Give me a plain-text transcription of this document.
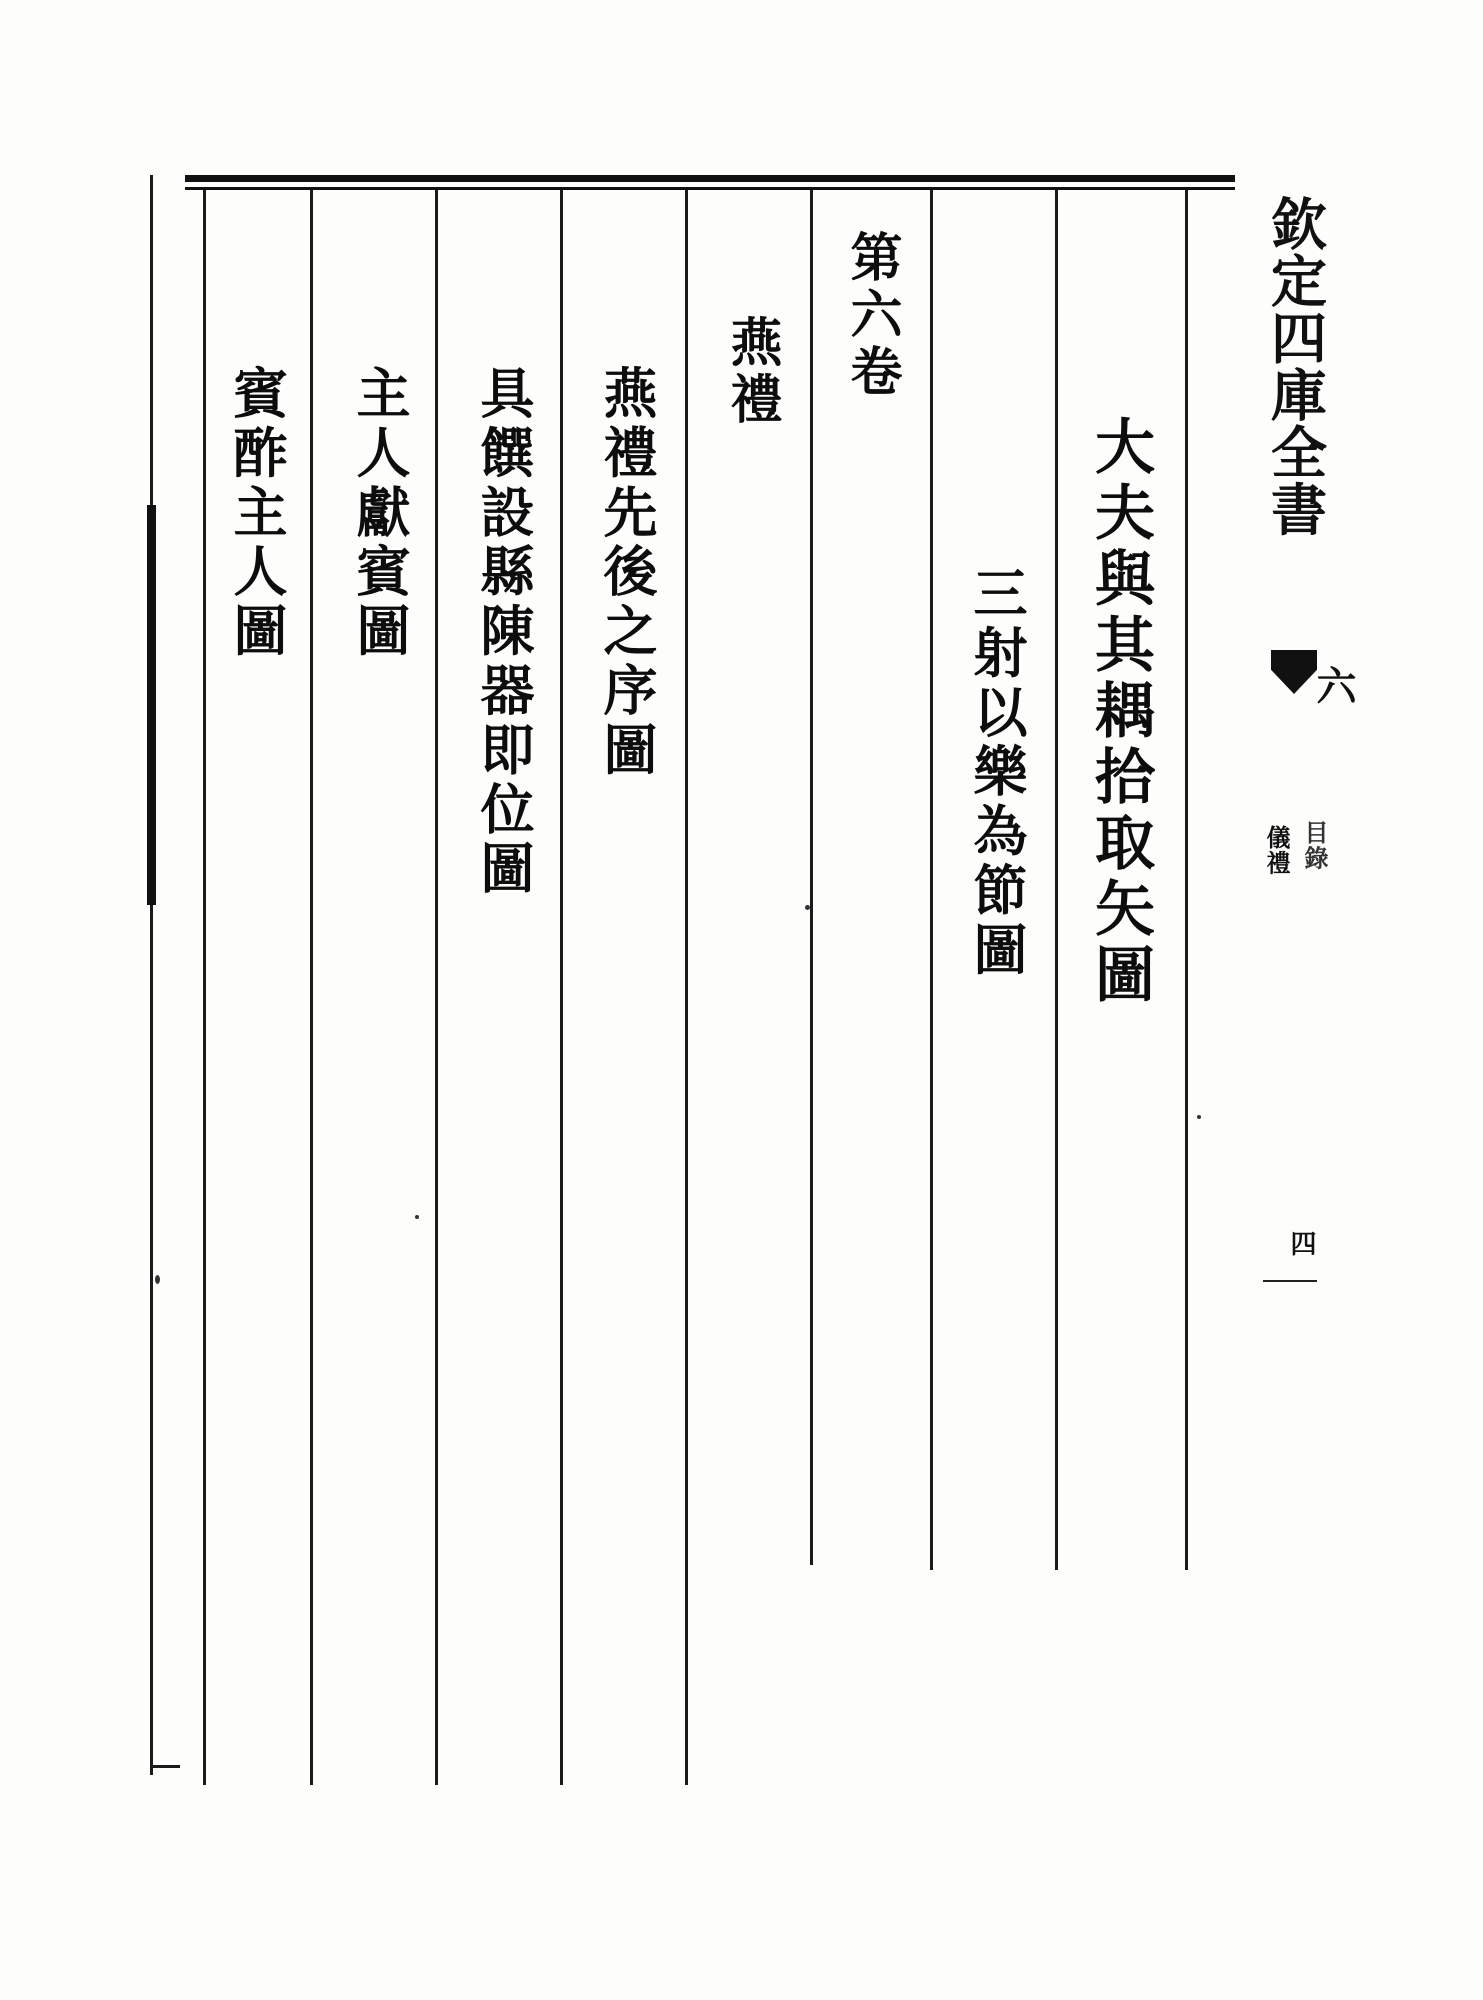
大夫與其耦拾取矢圖
三射以樂為節圖
第六卷
燕禮
燕禮先後之序圖
具饌設縣陳器即位圖
主人獻賓圖
賓酢主人圖	欽定四庫全書
六
儀禮 目錄
四
